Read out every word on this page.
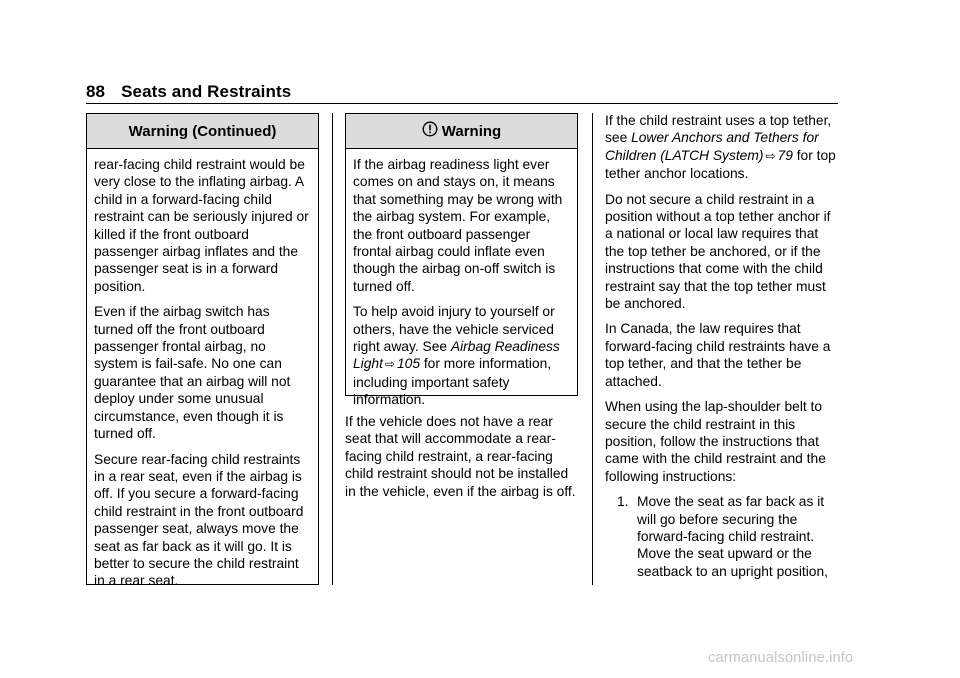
88 Seats and Restraints
Warning (Continued)

rear-facing child restraint would be very close to the inflating airbag. A child in a forward-facing child restraint can be seriously injured or killed if the front outboard passenger airbag inflates and the passenger seat is in a forward position.

Even if the airbag switch has turned off the front outboard passenger frontal airbag, no system is fail-safe. No one can guarantee that an airbag will not deploy under some unusual circumstance, even though it is turned off.

Secure rear-facing child restraints in a rear seat, even if the airbag is off. If you secure a forward-facing child restraint in the front outboard passenger seat, always move the seat as far back as it will go. It is better to secure the child restraint in a rear seat.

Warning

If the airbag readiness light ever comes on and stays on, it means that something may be wrong with the airbag system. For example, the front outboard passenger frontal airbag could inflate even though the airbag on-off switch is turned off.

To help avoid injury to yourself or others, have the vehicle serviced right away. See Airbag Readiness Light ⇨ 105 for more information, including important safety information.

If the vehicle does not have a rear seat that will accommodate a rear-facing child restraint, a rear-facing child restraint should not be installed in the vehicle, even if the airbag is off.

If the child restraint uses a top tether, see Lower Anchors and Tethers for Children (LATCH System) ⇨ 79 for top tether anchor locations.

Do not secure a child restraint in a position without a top tether anchor if a national or local law requires that the top tether be anchored, or if the instructions that come with the child restraint say that the top tether must be anchored.

In Canada, the law requires that forward-facing child restraints have a top tether, and that the tether be attached.

When using the lap-shoulder belt to secure the child restraint in this position, follow the instructions that came with the child restraint and the following instructions:

1. Move the seat as far back as it will go before securing the forward-facing child restraint. Move the seat upward or the seatback to an upright position,
carmanualsonline.info
